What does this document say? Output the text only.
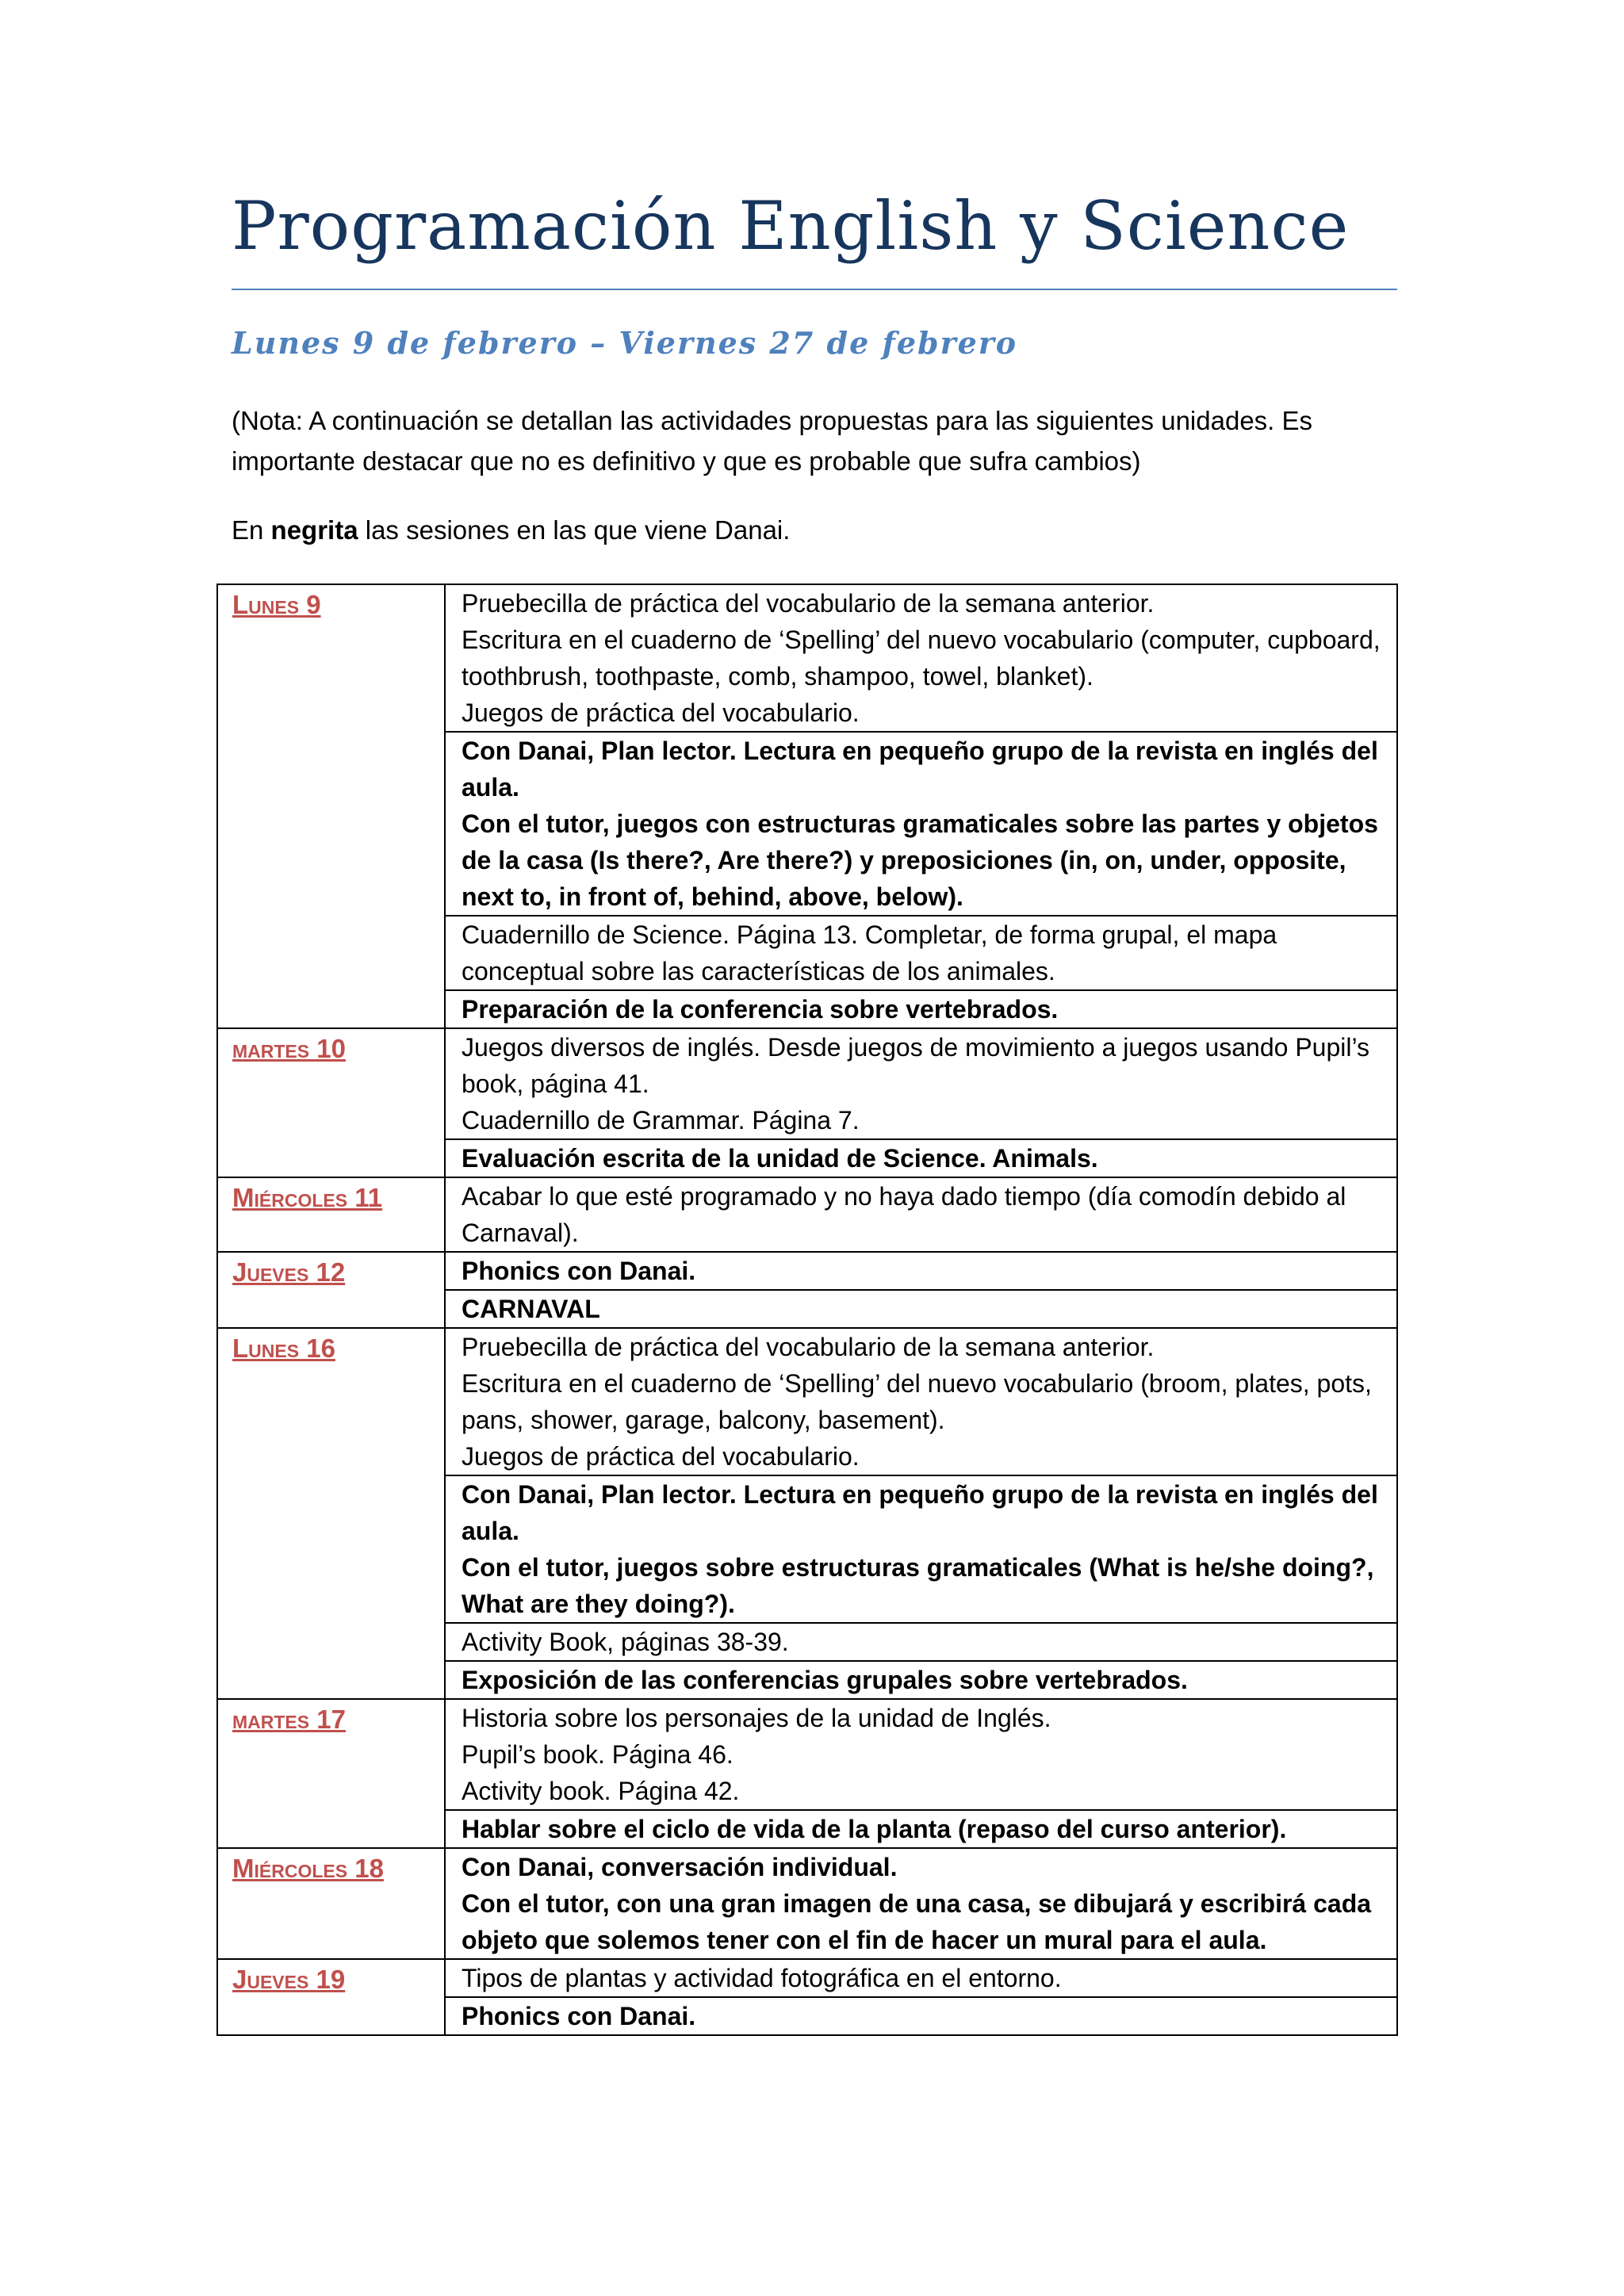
Programación English y Science
Lunes 9 de febrero – Viernes 27 de febrero

(Nota: A continuación se detallan las actividades propuestas para las siguientes unidades. Es importante destacar que no es definitivo y que es probable que sufra cambios)

En negrita las sesiones en las que viene Danai.

Lunes 9	Pruebecilla de práctica del vocabulario de la semana anterior.
Escritura en el cuaderno de ‘Spelling’ del nuevo vocabulario (computer, cupboard, toothbrush, toothpaste, comb, shampoo, towel, blanket).
Juegos de práctica del vocabulario.

	Con Danai, Plan lector. Lectura en pequeño grupo de la revista en inglés del aula.
Con el tutor, juegos con estructuras gramaticales sobre las partes y objetos de la casa (Is there?, Are there?) y preposiciones (in, on, under, opposite, next to, in front of, behind, above, below).

	Cuadernillo de Science. Página 13. Completar, de forma grupal, el mapa conceptual sobre las características de los animales.

	Preparación de la conferencia sobre vertebrados.

martes 10	Juegos diversos de inglés. Desde juegos de movimiento a juegos usando Pupil’s book, página 41.
Cuadernillo de Grammar. Página 7.

	Evaluación escrita de la unidad de Science. Animals.

Miércoles 11	Acabar lo que esté programado y no haya dado tiempo (día comodín debido al Carnaval).

Jueves 12	Phonics con Danai.

	CARNAVAL

Lunes 16	Pruebecilla de práctica del vocabulario de la semana anterior.
Escritura en el cuaderno de ‘Spelling’ del nuevo vocabulario (broom, plates, pots, pans, shower, garage, balcony, basement).
Juegos de práctica del vocabulario.

	Con Danai, Plan lector. Lectura en pequeño grupo de la revista en inglés del aula.
Con el tutor, juegos sobre estructuras gramaticales (What is he/she doing?, What are they doing?).

	Activity Book, páginas 38-39.

	Exposición de las conferencias grupales sobre vertebrados.

martes 17	Historia sobre los personajes de la unidad de Inglés.
Pupil’s book. Página 46.
Activity book. Página 42.

	Hablar sobre el ciclo de vida de la planta (repaso del curso anterior).

Miércoles 18	Con Danai, conversación individual.
Con el tutor, con una gran imagen de una casa, se dibujará y escribirá cada objeto que solemos tener con el fin de hacer un mural para el aula.

Jueves 19	Tipos de plantas y actividad fotográfica en el entorno.

	Phonics con Danai.
